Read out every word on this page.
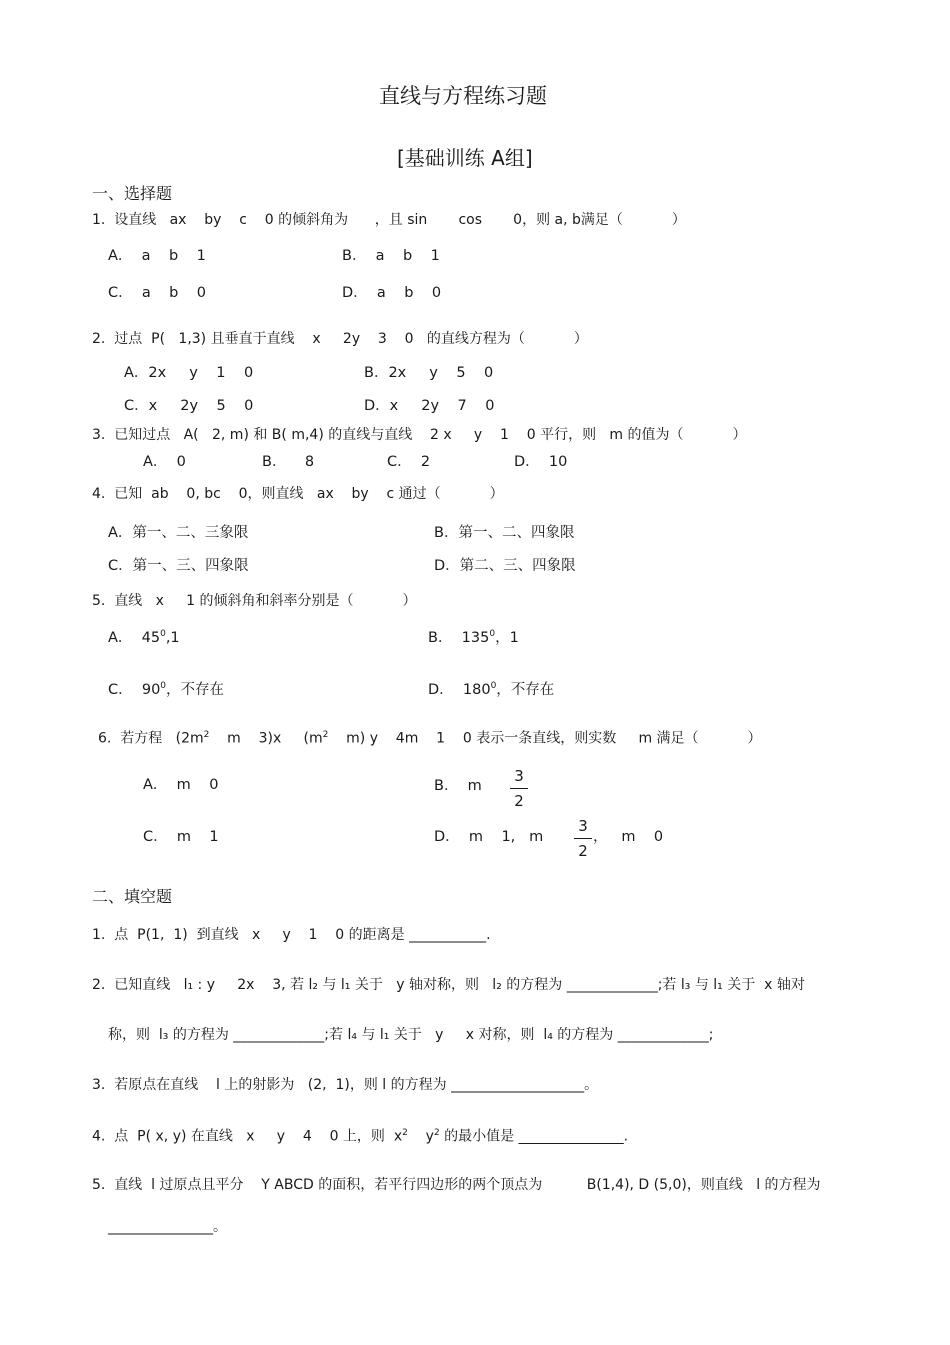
直线与方程练习题
[基础训练 A组]
一、选择题
1.  设直线   ax    by    c    0 的倾斜角为      ，且 sin       cos       0，则 a, b满足（           ）
A．  a    b    1	B．  a    b    1
C．  a    b    0	D．  a    b    0
2.  过点  P(   1,3) 且垂直于直线    x     2y    3    0   的直线方程为（           ）
A．2x     y    1    0	B．2x     y    5    0
C．x     2y    5    0	D．x     2y    7    0
3.  已知过点   A(   2, m) 和 B( m,4) 的直线与直线    2 x     y    1    0 平行，则   m 的值为（           ）
A．  0	B．    8	C．  2	D．  10
4.  已知  ab    0, bc    0，则直线   ax    by    c 通过（           ）
A．第一、二、三象限	B．第一、二、四象限
C．第一、三、四象限	D．第二、三、四象限
5.  直线   x     1 的倾斜角和斜率分别是（           ）
A．  $45^0,1$	B．  $135^0$，1
C．  $90^0$，不存在	D．  $180^0$，不存在
6.  若方程   ($2m^2$    m    3)x     ($m^2$    m) y    4m    1    0 表示一条直线，则实数     m 满足（           ）
A．  m    0	B．  m
3
2
C．  m    1	D．  m    1,   m
3
2
，   m    0
二、填空题
1.  点  P(1,  1)  到直线   x     y    1    0 的距离是 ___________.
2.  已知直线   l₁ : y     2x    3, 若 l₂ 与 l₁ 关于   y 轴对称，则   l₂ 的方程为 _____________;若 l₃ 与 l₁ 关于  x 轴对
称，则  l₃ 的方程为 _____________;若 l₄ 与 l₁ 关于   y     x 对称，则  l₄ 的方程为 _____________;
3.  若原点在直线    l 上的射影为   (2,  1)，则 l 的方程为 ___________________。
4.  点  P( x, y) 在直线   x     y    4    0 上，则  $x^2$    $y^2$ 的最小值是 _______________.
5.  直线  l 过原点且平分    Y ABCD 的面积，若平行四边形的两个顶点为          B(1,4), D (5,0)，则直线   l 的方程为
_______________。
